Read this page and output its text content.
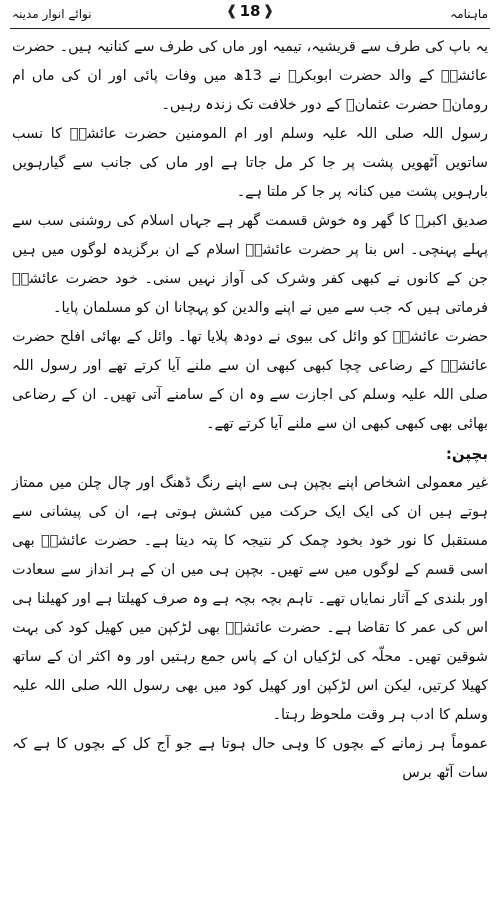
ماہنامہ
نوائے انوار مدینہ	❰
18
❱

یہ باپ کی طرف سے قریشیہ، تیمیہ اور ماں کی طرف سے کنانیہ ہیں۔ حضرت عائشہؓ کے والد حضرت ابوبکرؓ نے 13ھ میں وفات پائی اور ان کی ماں ام رومانؓ حضرت عثمانؓ کے دور خلافت تک زندہ رہیں۔

رسول اللہ صلی اللہ علیہ وسلم اور ام المومنین حضرت عائشہؓ کا نسب ساتویں آٹھویں پشت پر جا کر مل جاتا ہے اور ماں کی جانب سے گیارہویں بارہویں پشت میں کنانہ پر جا کر ملتا ہے۔

صدیق اکبرؓ کا گھر وہ خوش قسمت گھر ہے جہاں اسلام کی روشنی سب سے پہلے پہنچی۔ اس بنا پر حضرت عائشہؓ اسلام کے ان برگزیدہ لوگوں میں ہیں جن کے کانوں نے کبھی کفر وشرک کی آواز نہیں سنی۔ خود حضرت عائشہؓ فرماتی ہیں کہ جب سے میں نے اپنے والدین کو پہچانا ان کو مسلمان پایا۔

حضرت عائشہؓ کو وائل کی بیوی نے دودھ پلایا تھا۔ وائل کے بھائی افلح حضرت عائشہؓ کے رضاعی چچا کبھی کبھی ان سے ملنے آیا کرتے تھے اور رسول اللہ صلی اللہ علیہ وسلم کی اجازت سے وہ ان کے سامنے آتی تھیں۔ ان کے رضاعی بھائی بھی کبھی کبھی ان سے ملنے آیا کرتے تھے۔

بچپن:

غیر معمولی اشخاص اپنے بچپن ہی سے اپنے رنگ ڈھنگ اور چال چلن میں ممتاز ہوتے ہیں ان کی ایک ایک حرکت میں کشش ہوتی ہے، ان کی پیشانی سے مستقبل کا نور خود بخود چمک کر نتیجہ کا پتہ دیتا ہے۔ حضرت عائشہؓ بھی اسی قسم کے لوگوں میں سے تھیں۔ بچپن ہی میں ان کے ہر انداز سے سعادت اور بلندی کے آثار نمایاں تھے۔ تاہم بچہ بچہ ہے وہ صرف کھیلتا ہے اور کھیلنا ہی اس کی عمر کا تقاضا ہے۔ حضرت عائشہؓ بھی لڑکپن میں کھیل کود کی بہت شوقین تھیں۔ محلّہ کی لڑکیاں ان کے پاس جمع رہتیں اور وہ اکثر ان کے ساتھ کھیلا کرتیں، لیکن اس لڑکپن اور کھیل کود میں بھی رسول اللہ صلی اللہ علیہ وسلم کا ادب ہر وقت ملحوظ رہتا۔

عموماً ہر زمانے کے بچوں کا وہی حال ہوتا ہے جو آج کل کے بچوں کا ہے کہ سات آٹھ برس
